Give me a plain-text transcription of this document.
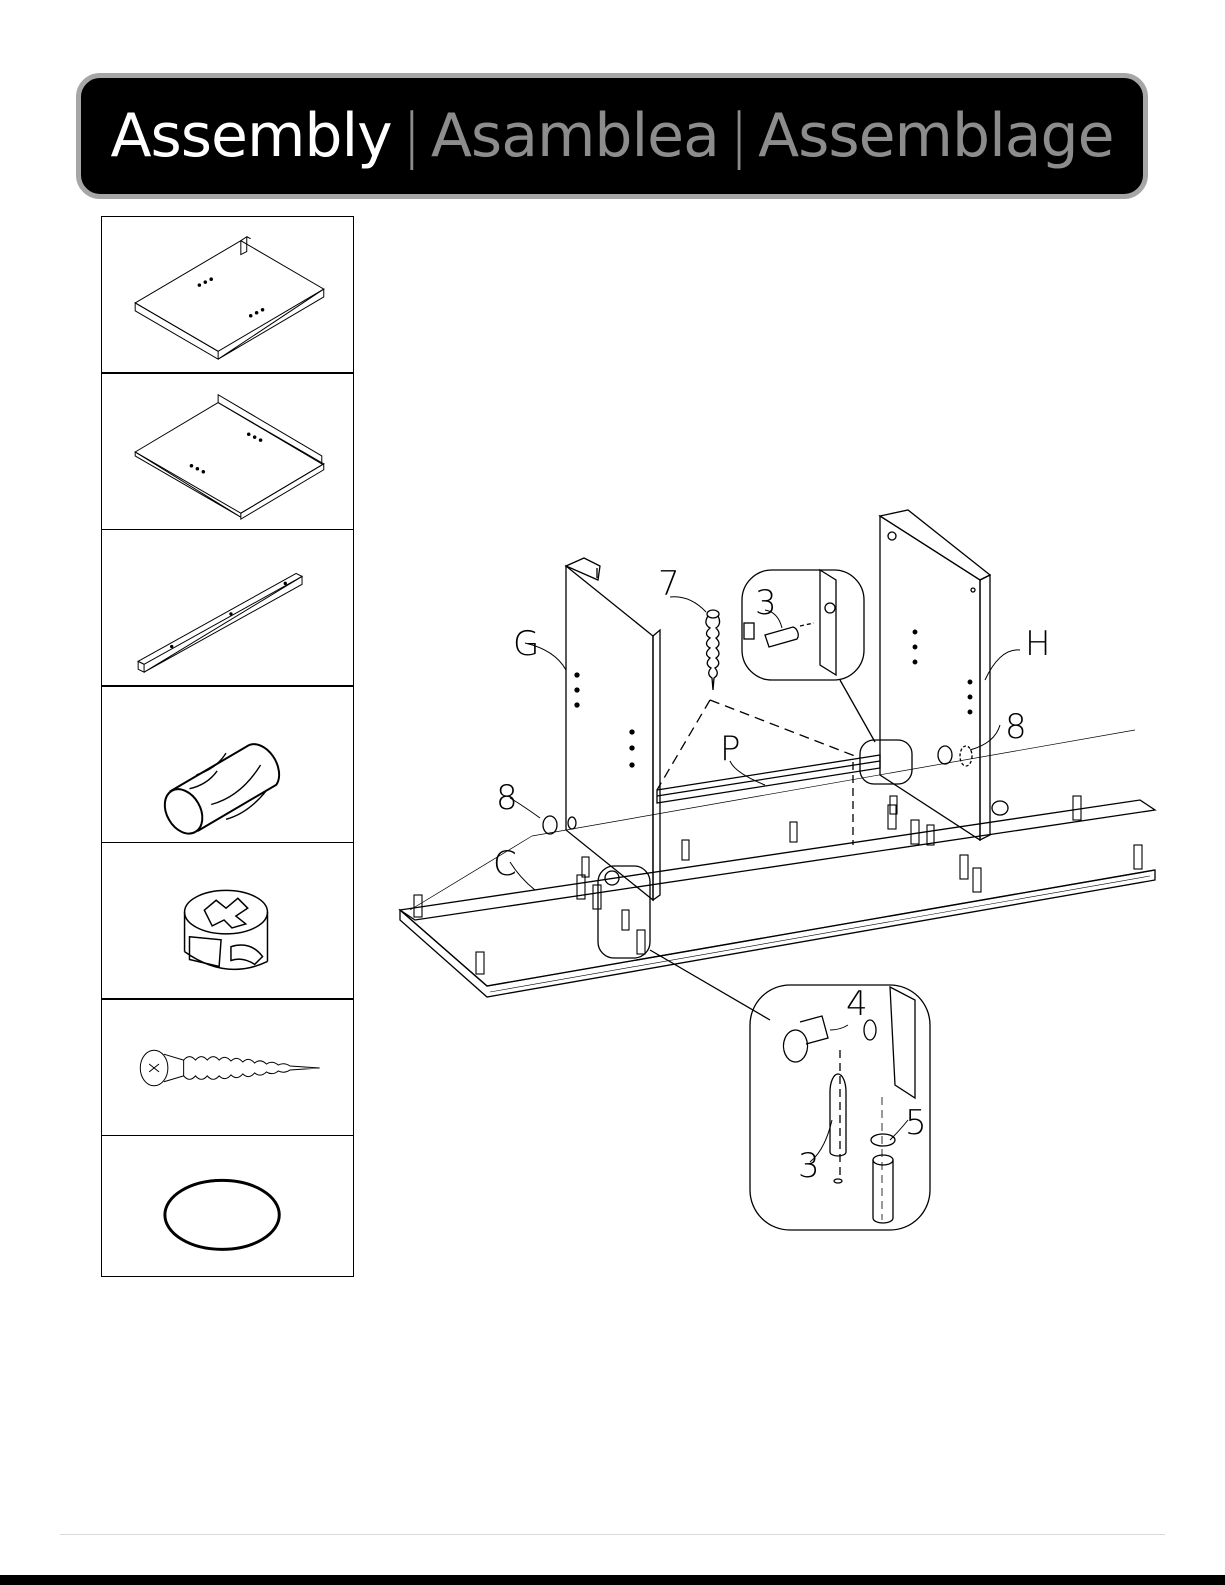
Assembly | Asamblea | Assemblage
G	H
P
C
7 3
8
8
4
5
3
